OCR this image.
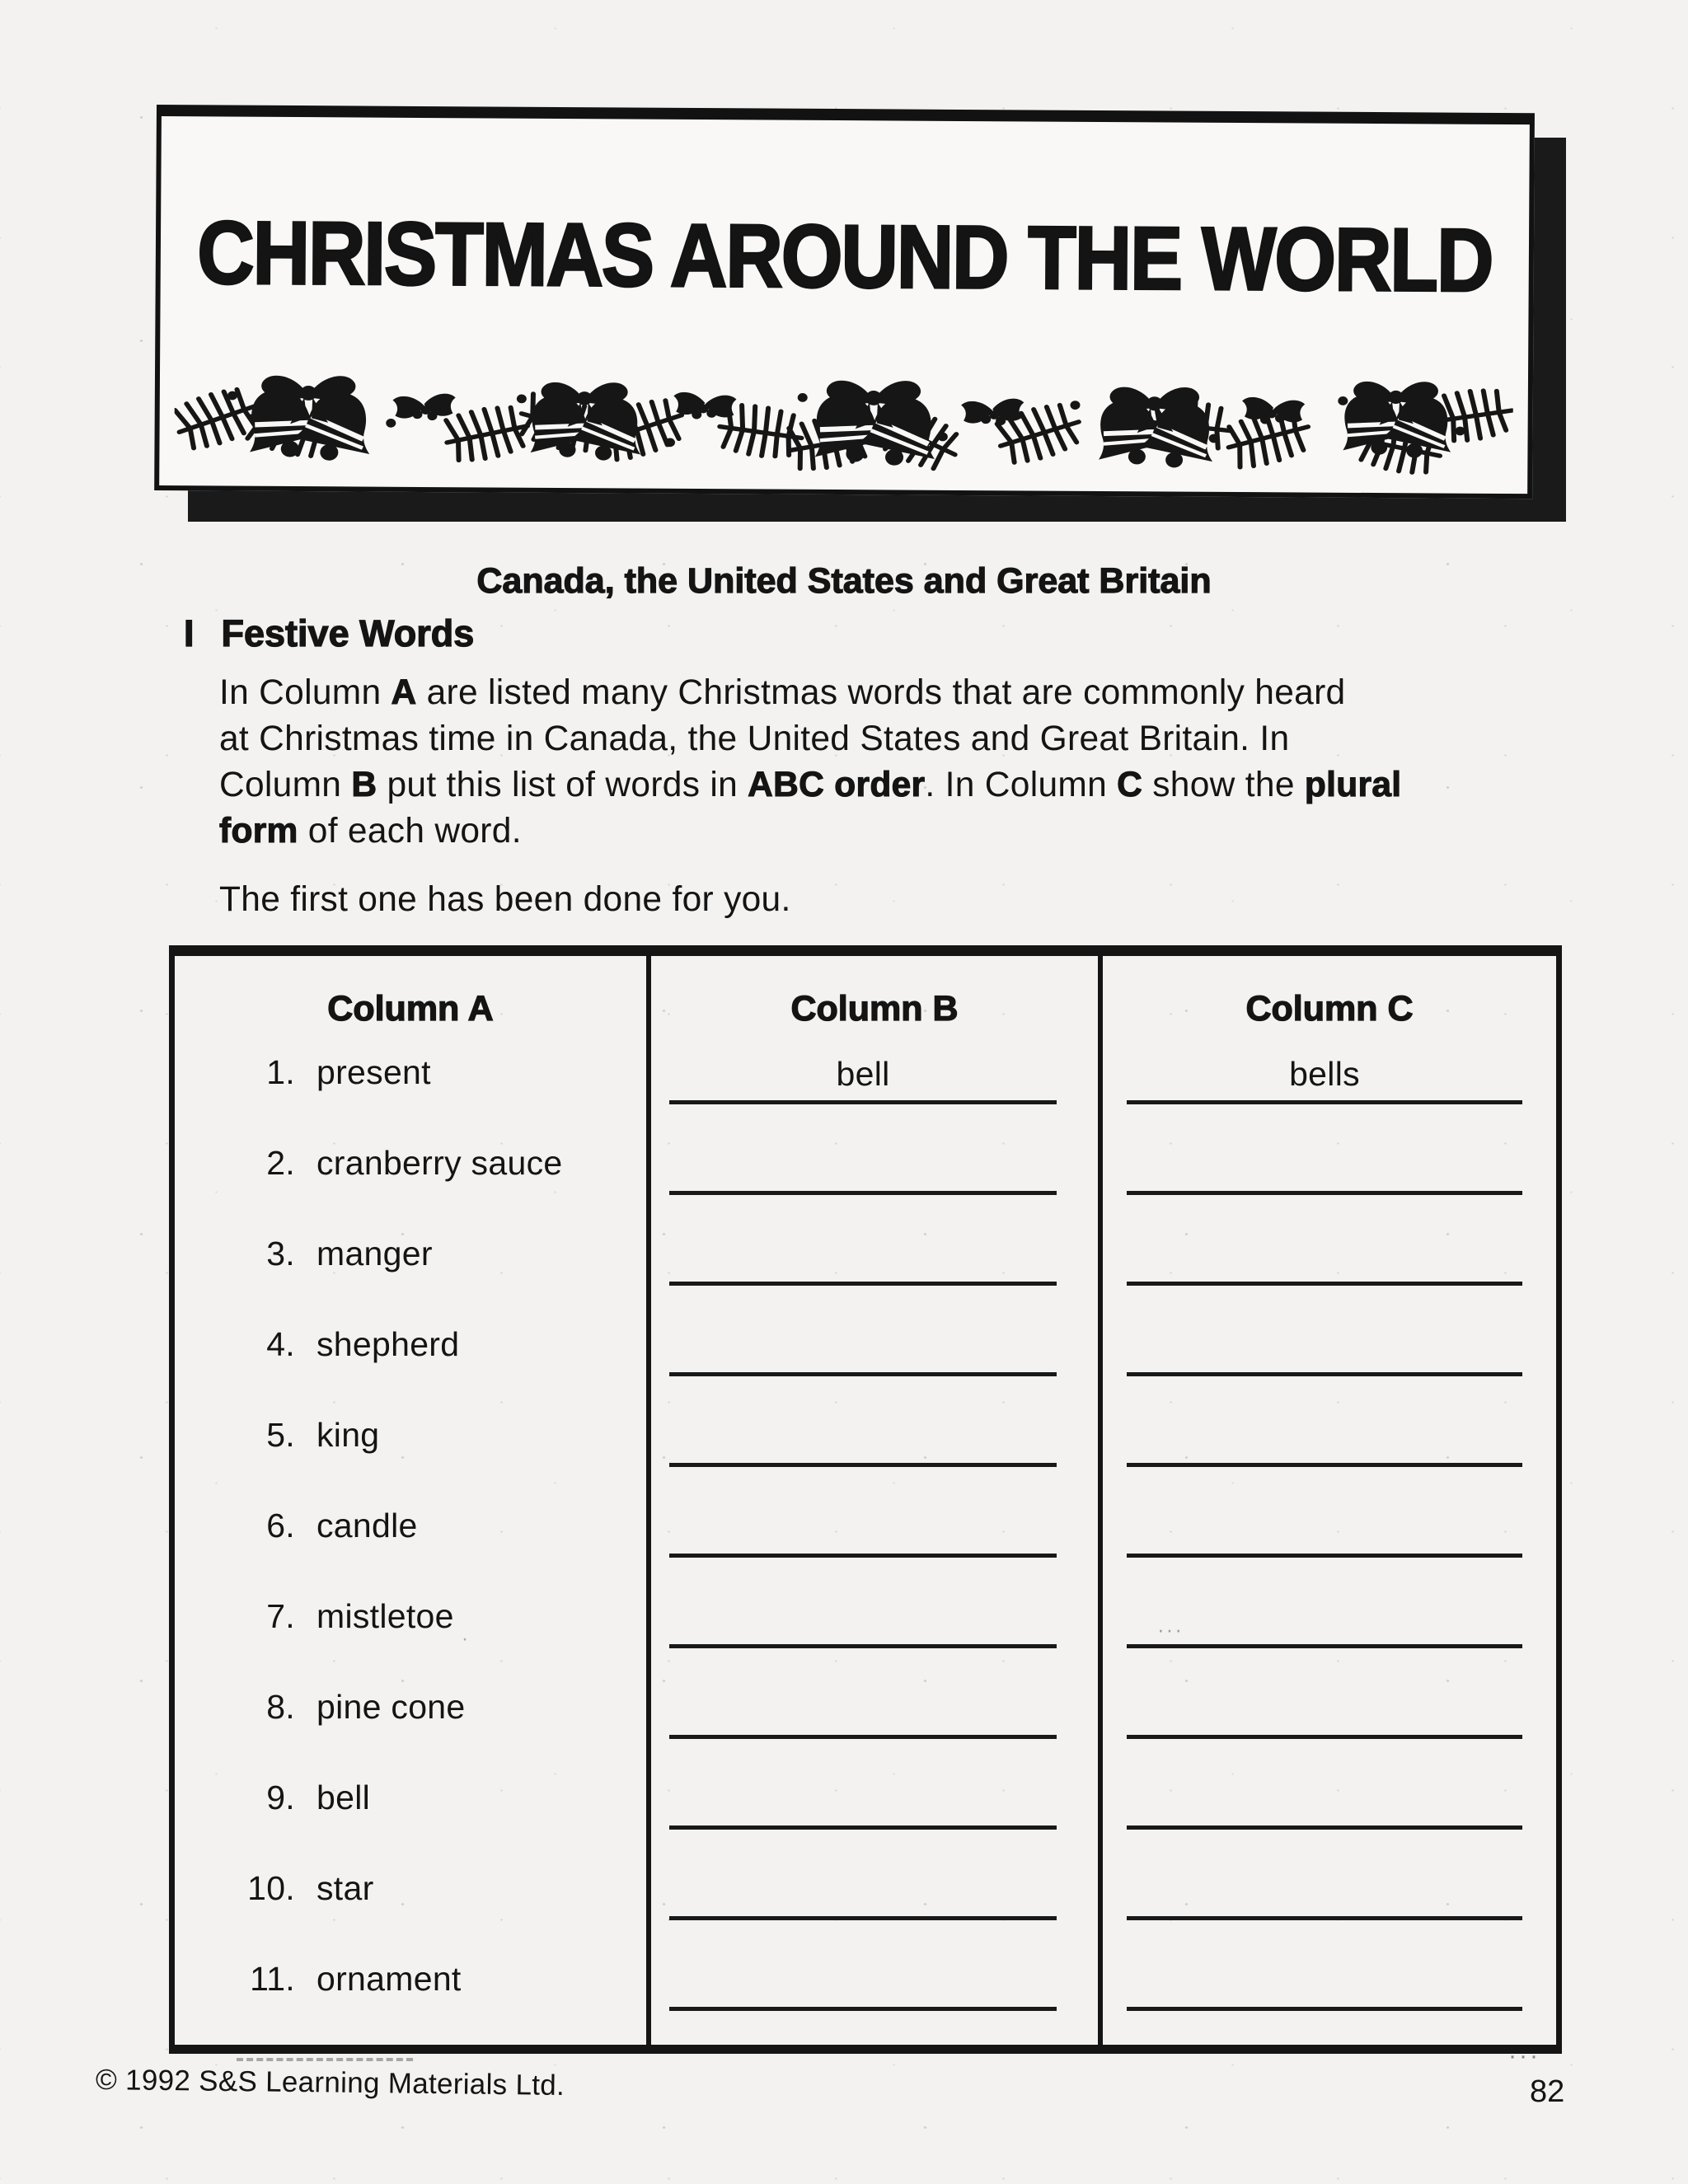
CHRISTMAS AROUND THE WORLD
Canada, the United States and Great Britain
I Festive Words
In Column A are listed many Christmas words that are commonly heard
at Christmas time in Canada, the United States and Great Britain. In
Column B put this list of words in ABC order. In Column C show the plural
form of each word.
The first one has been done for you.
Column A	Column B	Column C
1. present	bell	bells
2. cranberry sauce
3. manger
4. shepherd
5. king
6. candle
7. mistletoe
8. pine cone
9. bell
10. star
11. ornament
© 1992 S&S Learning Materials Ltd.	82
···
···
·
